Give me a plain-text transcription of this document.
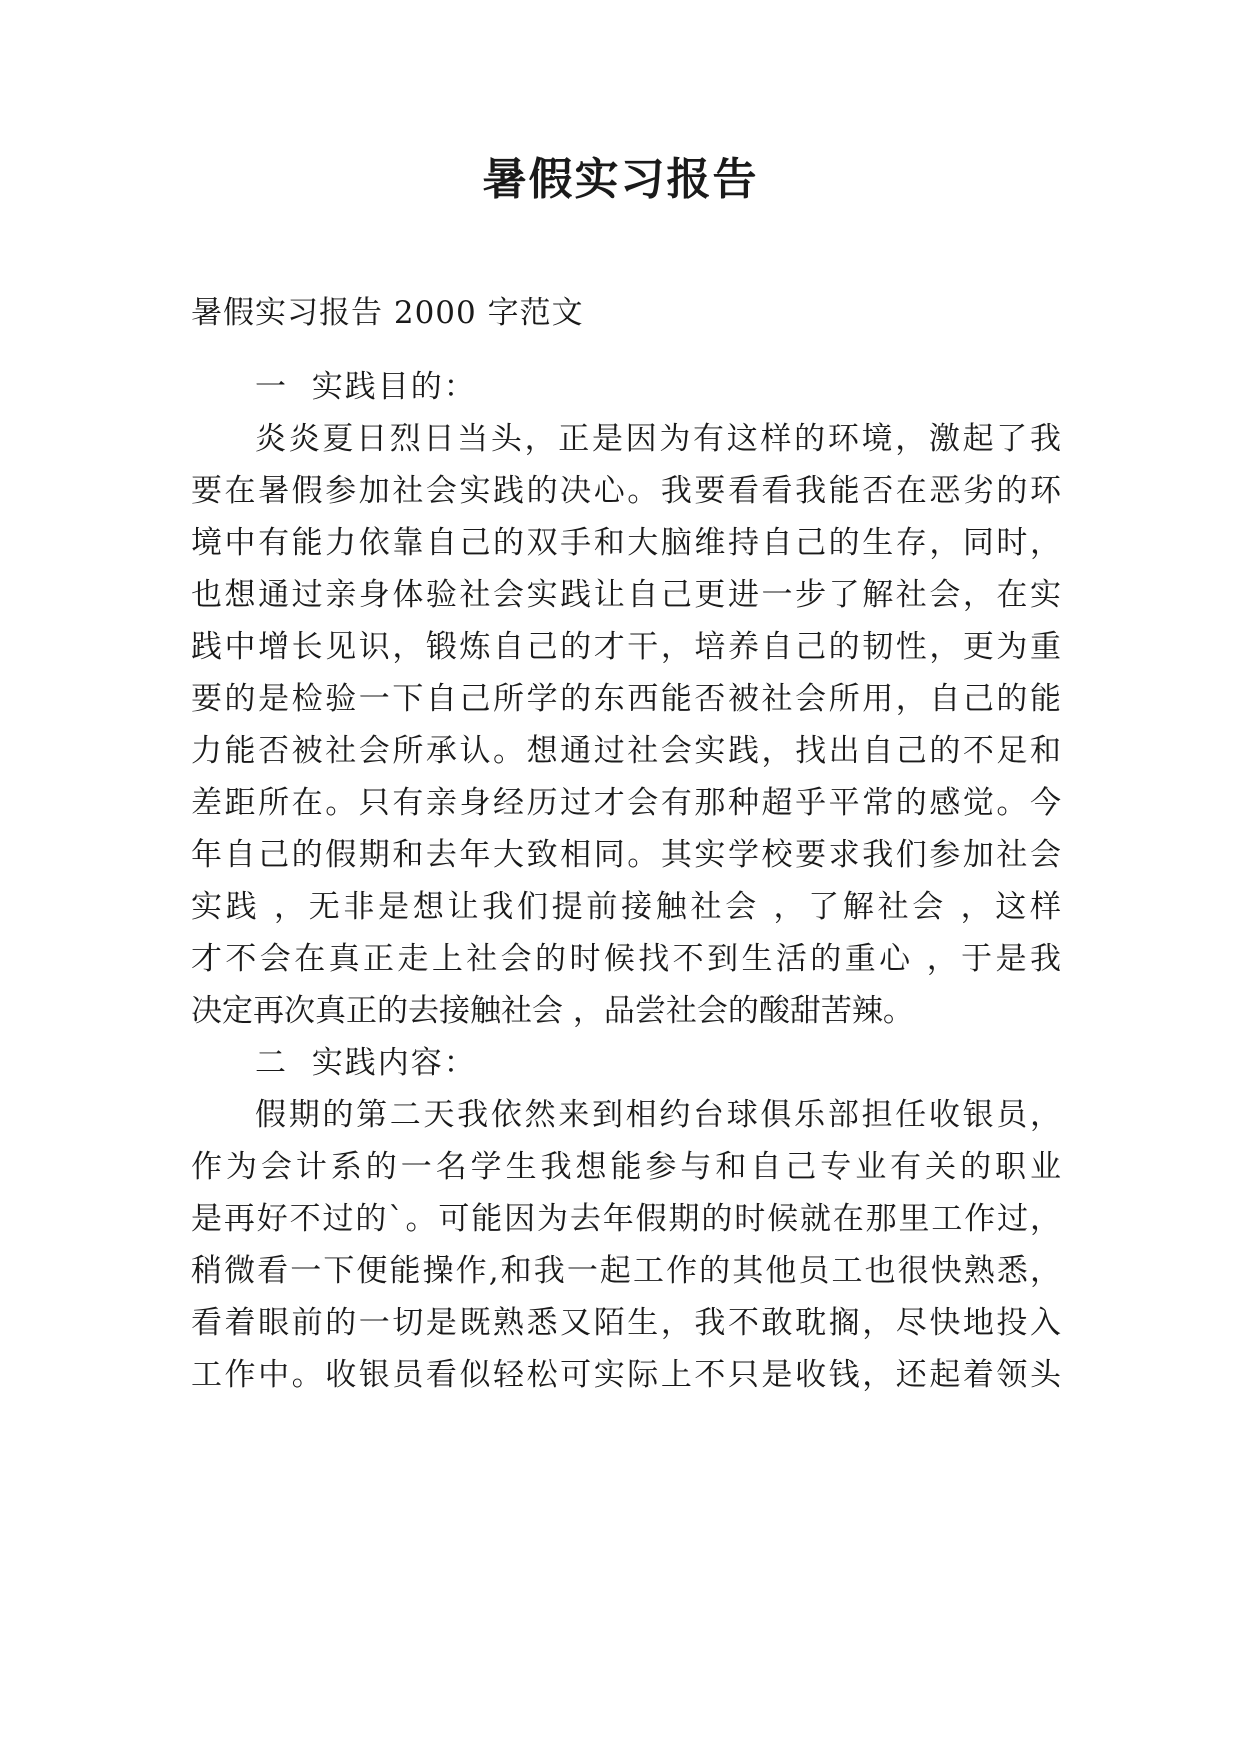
暑假实习报告
暑假实习报告 2000 字范文
一  实践目的：
炎炎夏日烈日当头，正是因为有这样的环境，激起了我
要在暑假参加社会实践的决心。我要看看我能否在恶劣的环
境中有能力依靠自己的双手和大脑维持自己的生存，同时，
也想通过亲身体验社会实践让自己更进一步了解社会，在实
践中增长见识，锻炼自己的才干，培养自己的韧性，更为重
要的是检验一下自己所学的东西能否被社会所用，自己的能
力能否被社会所承认。想通过社会实践，找出自己的不足和
差距所在。只有亲身经历过才会有那种超乎平常的感觉。今
年自己的假期和去年大致相同。其实学校要求我们参加社会
实践 ，无非是想让我们提前接触社会 ，了解社会 ，这样
才不会在真正走上社会的时候找不到生活的重心 ，于是我
决定再次真正的去接触社会 ，品尝社会的酸甜苦辣。
二  实践内容：
假期的第二天我依然来到相约台球俱乐部担任收银员，
作为会计系的一名学生我想能参与和自己专业有关的职业
是再好不过的`。可能因为去年假期的时候就在那里工作过，
稍微看一下便能操作,和我一起工作的其他员工也很快熟悉，
看着眼前的一切是既熟悉又陌生，我不敢耽搁，尽快地投入
工作中。收银员看似轻松可实际上不只是收钱，还起着领头
